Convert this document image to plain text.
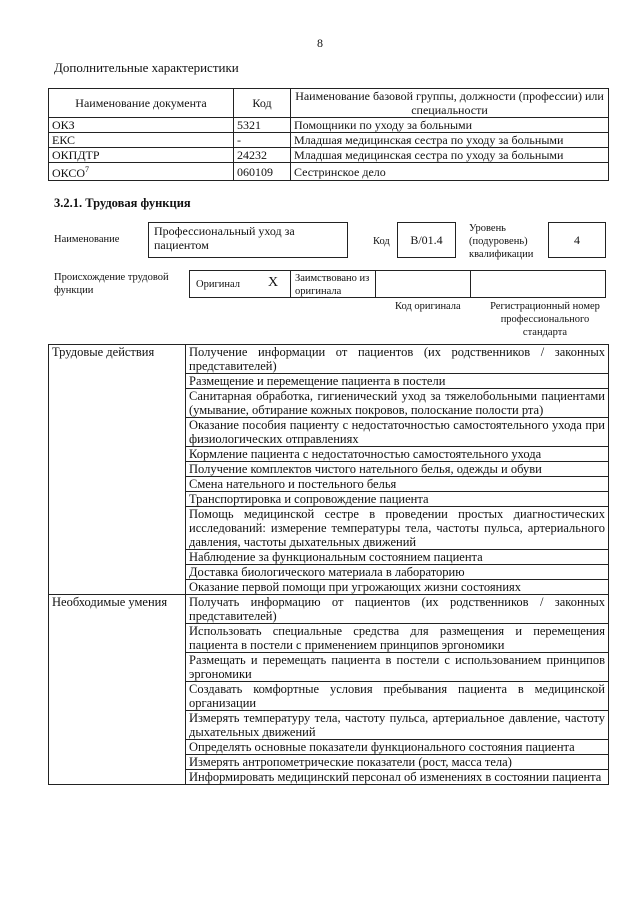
8
Дополнительные характеристики
Наименование документа	Код	Наименование базовой группы, должности (профессии) или специальности
ОКЗ	5321	Помощники по уходу за больными
ЕКС	-	Младшая медицинская сестра по уходу за больными
ОКПДТР	24232	Младшая медицинская сестра по уходу за больными
ОКСО$^7$	060109	Сестринское дело
3.2.1. Трудовая функция
Наименование
Профессиональный уход за пациентом	Код	B/01.4
Уровень (подуровень) квалификации
4
Происхождение трудовой функции
Оригинал X Заимствовано из оригинала
Код оригинала	Регистрационный номер профессионального стандарта
Трудовые действия	Получение информации от пациентов (их родственников / законных представителей)
	Размещение и перемещение пациента в постели
	Санитарная обработка, гигиенический уход за тяжелобольными пациентами (умывание, обтирание кожных покровов, полоскание полости рта)
	Оказание пособия пациенту с недостаточностью самостоятельного ухода при физиологических отправлениях
	Кормление пациента с недостаточностью самостоятельного ухода
	Получение комплектов чистого нательного белья, одежды и обуви
	Смена нательного и постельного белья
	Транспортировка и сопровождение пациента
	Помощь медицинской сестре в проведении простых диагностических исследований: измерение температуры тела, частоты пульса, артериального давления, частоты дыхательных движений
	Наблюдение за функциональным состоянием пациента
	Доставка биологического материала в лабораторию
	Оказание первой помощи при угрожающих жизни состояниях
Необходимые умения	Получать информацию от пациентов (их родственников / законных представителей)
	Использовать специальные средства для размещения и перемещения пациента в постели с применением принципов эргономики
	Размещать и перемещать пациента в постели с использованием принципов эргономики
	Создавать комфортные условия пребывания пациента в медицинской организации
	Измерять температуру тела, частоту пульса, артериальное давление, частоту дыхательных движений
	Определять основные показатели функционального состояния пациента
	Измерять антропометрические показатели (рост, масса тела)
	Информировать медицинский персонал об изменениях в состоянии пациента
